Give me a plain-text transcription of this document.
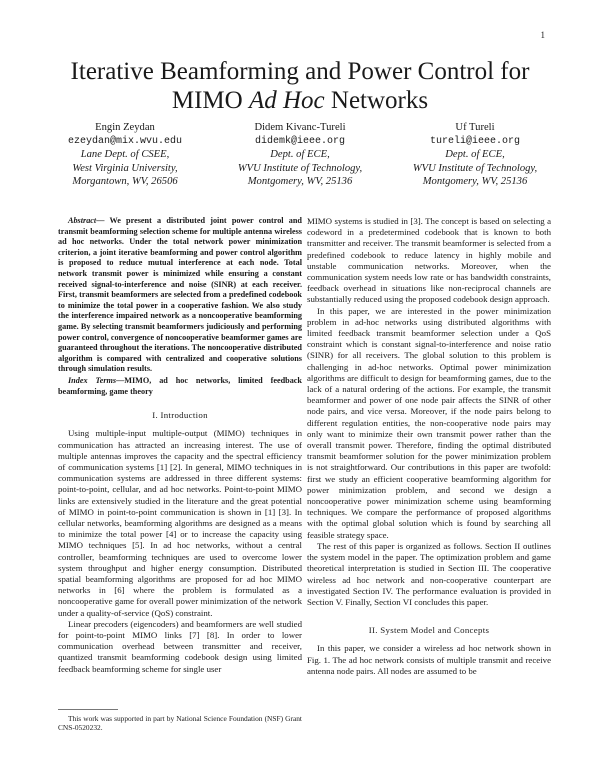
1
Iterative Beamforming and Power Control for
MIMO Ad Hoc Networks
Engin Zeydan
ezeydan@mix.wvu.edu
Lane Dept. of CSEE,
West Virginia University,
Morgantown, WV, 26506
Didem Kivanc-Tureli
didemk@ieee.org
Dept. of ECE,
WVU Institute of Technology,
Montgomery, WV, 25136
Uf Tureli
tureli@ieee.org
Dept. of ECE,
WVU Institute of Technology,
Montgomery, WV, 25136

Abstract— We present a distributed joint power control and transmit beamforming selection scheme for multiple antenna wireless ad hoc networks. Under the total network power minimization criterion, a joint iterative beamforming and power control algorithm is proposed to reduce mutual interference at each node. Total network transmit power is minimized while ensuring a constant received signal-to-interference and noise (SINR) at each receiver. First, transmit beamformers are selected from a predefined codebook to minimize the total power in a cooperative fashion. We also study the interference impaired network as a noncooperative beamforming game. By selecting transmit beamformers judiciously and performing power control, convergence of noncooperative beamformer games are guaranteed throughout the iterations. The noncooperative distributed algorithm is compared with centralized and cooperative solutions through simulation results.

Index Terms—MIMO, ad hoc networks, limited feedback beamforming, game theory

I. Introduction

Using multiple-input multiple-output (MIMO) techniques in communication has attracted an increasing interest. The use of multiple antennas improves the capacity and the spectral efficiency of communication systems [1] [2]. In general, MIMO techniques in communication systems are addressed in three different systems: point-to-point, cellular, and ad hoc networks. Point-to-point MIMO links are extensively studied in the literature and the great potential of MIMO in point-to-point communication is shown in [1] [3]. In cellular networks, beamforming algorithms are designed as a means to minimize the total power [4] or to increase the capacity using MIMO techniques [5]. In ad hoc networks, without a central controller, beamforming techniques are used to overcome lower system throughput and higher energy consumption. Distributed spatial beamforming algorithms are proposed for ad hoc MIMO networks in [6] where the problem is formulated as a noncooperative game for overall power minimization of the network under a quality-of-service (QoS) constraint.

Linear precoders (eigencoders) and beamformers are well studied for point-to-point MIMO links [7] [8]. In order to lower communication overhead between transmitter and receiver, quantized transmit beamforming codebook design using limited feedback beamforming scheme for single user

MIMO systems is studied in [3]. The concept is based on selecting a codeword in a predetermined codebook that is known to both transmitter and receiver. The transmit beamformer is selected from a predefined codebook to reduce latency in highly mobile and unstable communication networks. Moreover, when the communication system needs low rate or has bandwidth constraints, feedback overhead in situations like non-reciprocal channels are substantially reduced using the proposed codebook design approach.

In this paper, we are interested in the power minimization problem in ad-hoc networks using distributed algorithms with limited feedback transmit beamformer selection under a QoS constraint which is constant signal-to-interference and noise ratio (SINR) for all receivers. The global solution to this problem is challenging in ad-hoc networks. Optimal power minimization algorithms are difficult to design for beamforming games, due to the lack of a natural ordering of the actions. For example, the transmit beamformer and power of one node pair affects the SINR of other node pairs, and vice versa. Moreover, if the node pairs belong to different regulation entities, the non-cooperative node pairs may only want to minimize their own transmit power rather than the overall transmit power. Therefore, finding the optimal distributed transmit beamformer solution for the power minimization problem is not straightforward. Our contributions in this paper are twofold: first we study an efficient cooperative beamforming algorithm for power minimization problem, and second we design a noncooperative power minimization scheme using beamforming techniques. We compare the performance of proposed algorithms with the optimal global solution which is found by searching all feasible strategy space.

The rest of this paper is organized as follows. Section II outlines the system model in the paper. The optimization problem and game theoretical interpretation is studied in Section III. The cooperative wireless ad hoc network and non-cooperative counterpart are investigated Section IV. The performance evaluation is provided in Section V. Finally, Section VI concludes this paper.

II. System Model and Concepts

In this paper, we consider a wireless ad hoc network shown in Fig. 1. The ad hoc network consists of multiple transmit and receive antenna node pairs. All nodes are assumed to be

This work was supported in part by National Science Foundation (NSF) Grant CNS-0520232.
